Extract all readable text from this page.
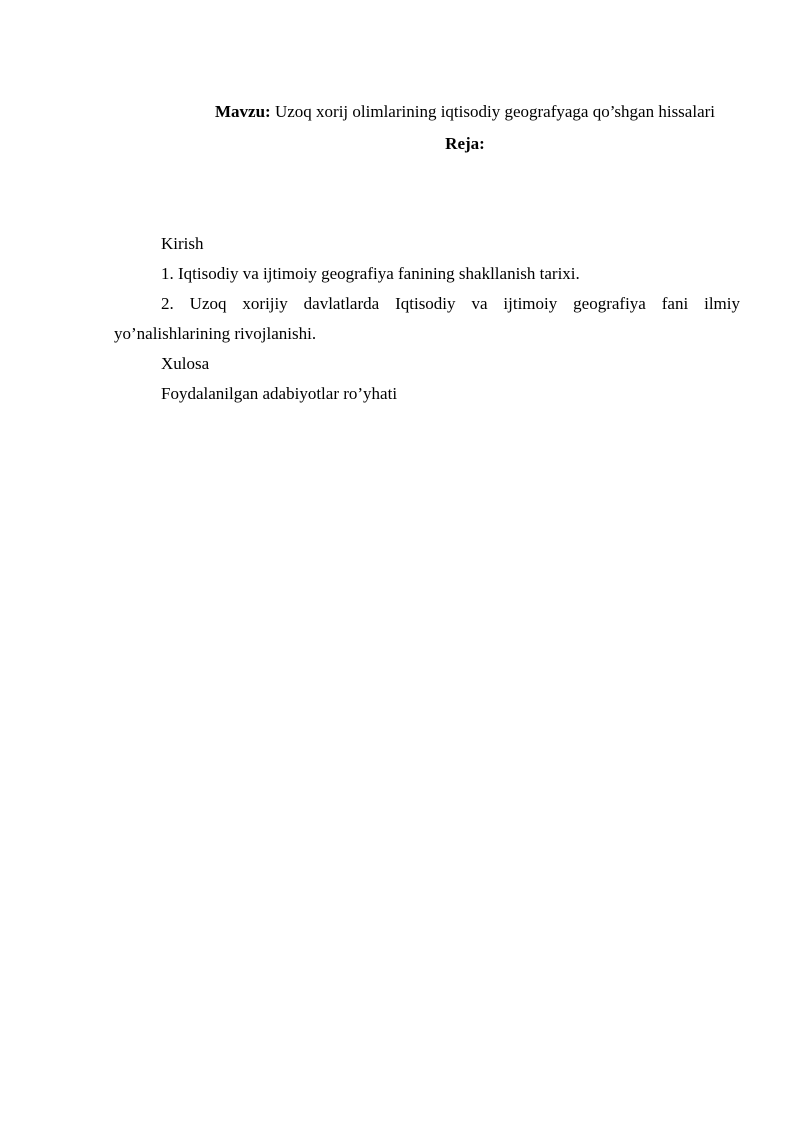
Mavzu: Uzoq xorij olimlarining iqtisodiy geografyaga qo’shgan hissalari
Reja:

Kirish

1. Iqtisodiy va ijtimoiy geografiya fanining shakllanish tarixi.

2. Uzoq xorijiy davlatlarda Iqtisodiy va ijtimoiy geografiya fani ilmiy yo’nalishlarining rivojlanishi.

Xulosa

Foydalanilgan adabiyotlar ro’yhati
